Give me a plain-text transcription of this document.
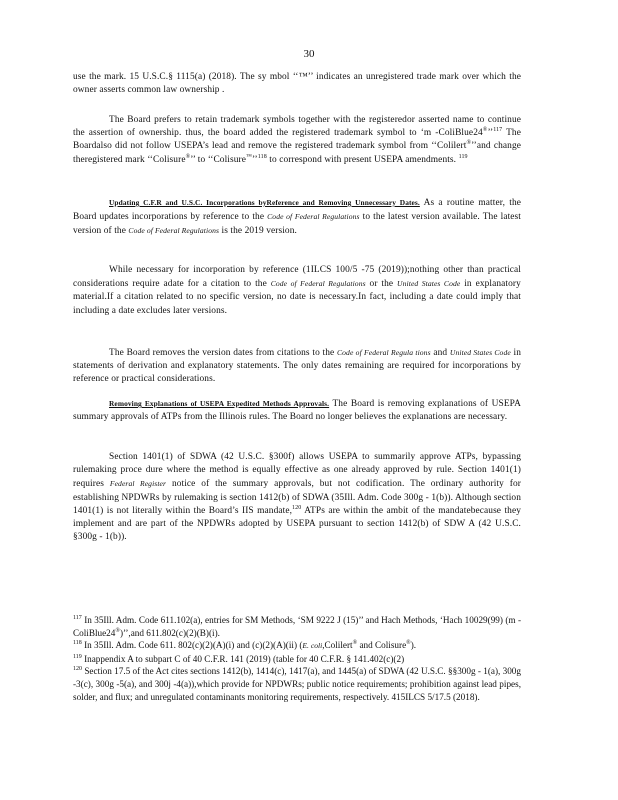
30
use the mark. 15 U.S.C.§ 1115(a) (2018). The sy mbol ‘‘™’’ indicates an unregistered trade mark over which the owner asserts common law ownership .
The Board prefers to retain trademark symbols together with the registeredor asserted name to continue the assertion of ownership. thus, the board added the registered trademark symbol to ‘m -ColiBlue24®’’$^{117}$ The Boardalso did not follow USEPA’s lead and remove the registered trademark symbol from ‘‘Colilert®’’and change theregistered mark ‘‘Colisure®’’ to ‘‘Colisure™’’$^{118}$ to correspond with present USEPA amendments. $^{119}$
Updating C.F.R and U.S.C. Incorporations byReference and Removing Unnecessary Dates. As a routine matter, the Board updates incorporations by reference to the Code of Federal Regulations to the latest version available. The latest version of the Code of Federal Regulations is the 2019 version.
While necessary for incorporation by reference (1ILCS 100/5 -75 (2019));nothing other than practical considerations require adate for a citation to the Code of Federal Regulations or the United States Code in explanatory material.If a citation related to no specific version, no date is necessary.In fact, including a date could imply that including a date excludes later versions.
The Board removes the version dates from citations to the Code of Federal Regula tions and United States Code in statements of derivation and explanatory statements. The only dates remaining are required for incorporations by reference or practical considerations.
Removing Explanations of USEPA Expedited Methods Approvals. The Board is removing explanations of USEPA summary approvals of ATPs from the Illinois rules. The Board no longer believes the explanations are necessary.
Section 1401(1) of SDWA (42 U.S.C. §300f) allows USEPA to summarily approve ATPs, bypassing rulemaking proce dure where the method is equally effective as one already approved by rule. Section 1401(1) requires Federal Register notice of the summary approvals, but not codification. The ordinary authority for establishing NPDWRs by rulemaking is section 1412(b) of SDWA (35Ill. Adm. Code 300g - 1(b)). Although section 1401(1) is not literally within the Board’s IIS mandate,$^{120}$ ATPs are within the ambit of the mandatebecause they implement and are part of the NPDWRs adopted by USEPA pursuant to section 1412(b) of SDW A (42 U.S.C. §300g - 1(b)).

$^{117}$ In 35Ill. Adm. Code 611.102(a), entries for SM Methods, ‘SM 9222 J (15)’’ and Hach Methods, ‘Hach 10029(99) (m - ColiBlue24®)’’,and 611.802(c)(2)(B)(i).

$^{118}$ In 35Ill. Adm. Code 611. 802(c)(2)(A)(i) and (c)(2)(A)(ii) (E. coli,Colilert® and Colisure®).

$^{119}$ Inappendix A to subpart C of 40 C.F.R. 141 (2019) (table for 40 C.F.R. § 141.402(c)(2)

$^{120}$ Section 17.5 of the Act cites sections 1412(b), 1414(c), 1417(a), and 1445(a) of SDWA (42 U.S.C. §§300g - 1(a), 300g -3(c), 300g -5(a), and 300j -4(a)),which provide for NPDWRs; public notice requirements; prohibition against lead pipes, solder, and flux; and unregulated contaminants monitoring requirements, respectively. 415ILCS 5/17.5 (2018).
